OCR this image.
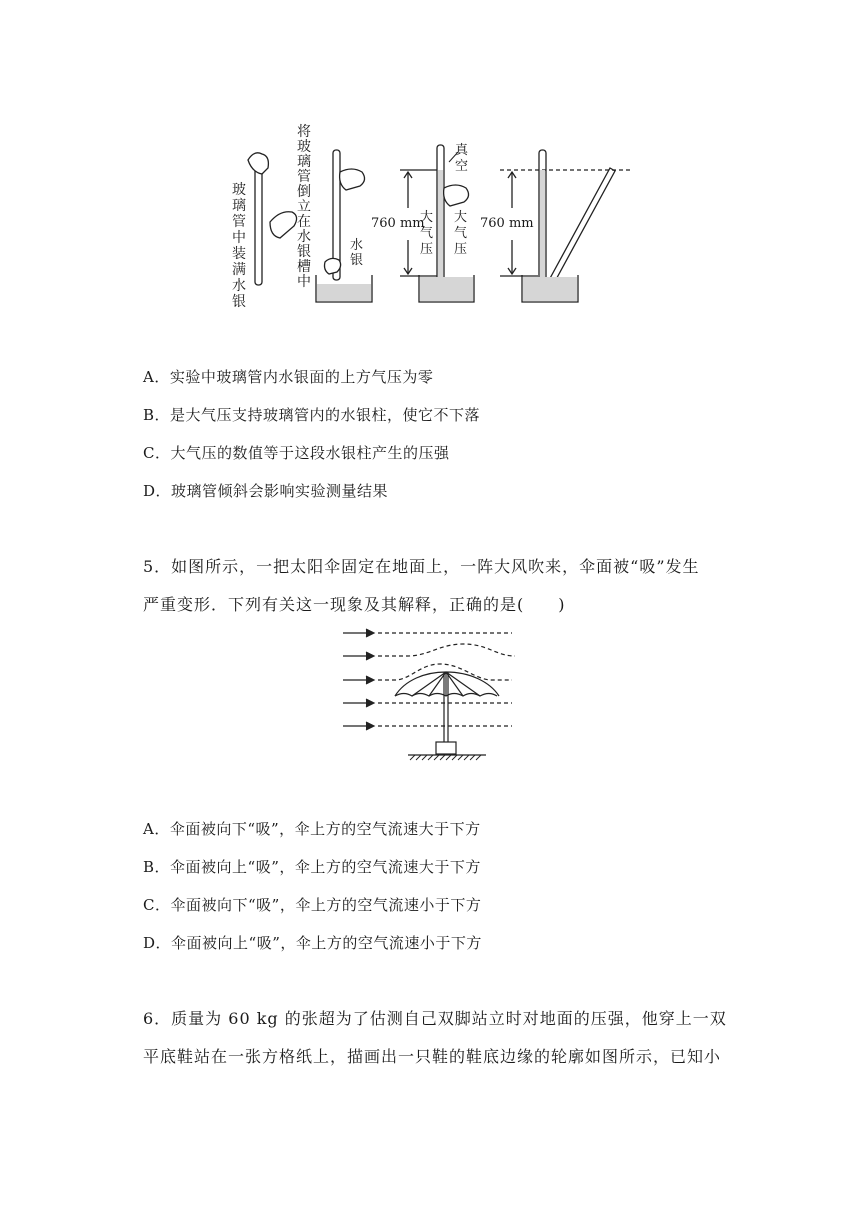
玻璃管中装满水银
将玻璃管倒立在水银槽中
水银
真空
大气压
大气压
760 mm	760 mm
A．实验中玻璃管内水银面的上方气压为零
B．是大气压支持玻璃管内的水银柱，使它不下落
C．大气压的数值等于这段水银柱产生的压强
D．玻璃管倾斜会影响实验测量结果
5．如图所示，一把太阳伞固定在地面上，一阵大风吹来，伞面被“吸”发生
严重变形．下列有关这一现象及其解释，正确的是(　　)
A．伞面被向下“吸”，伞上方的空气流速大于下方
B．伞面被向上“吸”，伞上方的空气流速大于下方
C．伞面被向下“吸”，伞上方的空气流速小于下方
D．伞面被向上“吸”，伞上方的空气流速小于下方
6．质量为 60 kg 的张超为了估测自己双脚站立时对地面的压强，他穿上一双
平底鞋站在一张方格纸上，描画出一只鞋的鞋底边缘的轮廓如图所示，已知小
